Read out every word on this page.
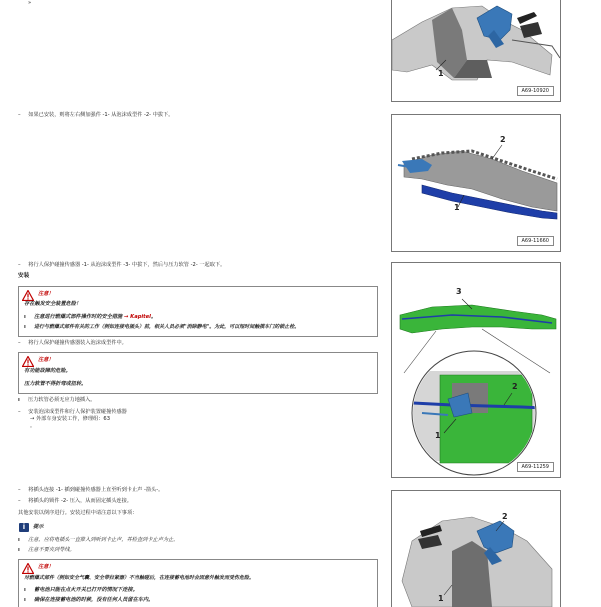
»
– 如果已安装，则将左右侧加强件 -1- 从泡沫成型件 -2- 中拔下。
– 将行人保护碰撞传感器 -1- 从泡沫成型件 -3- 中拔下，然后与压力软管 -2- 一起取下。
安装
注意！
存在触发安全装置危险！
ı 注意进行燃爆式部件操作时的安全措施 → Kapitel。
ı 进行与燃爆式部件有关的工作（例如连接电插头）前，相关人员必须"消除静电"。为此，可以短时间触摸车门的锁止栓。
– 将行人保护碰撞传感器装入泡沫成型件中。
注意！
有功能故障的危险。
压力软管不得折弯或扭转。
ı 压力软管必须无应力地插入。
– 安装泡沫成型件和行人保护装置碰撞传感器
→ 外部车身安装工作，修理组：63
。
– 将插头连接 -1- 插到碰撞传感器上直至听到卡止声 -箭头-。
– 将插头的锁件 -2- 压入，从而固定插头连接。
其他安装以倒序进行。安装过程中请注意以下事项：
i	提示
ı 注意，应将电插头一直推入到听到卡止声，并检查到卡止声为止。
ı 注意不要夹到导线。
注意！
对燃爆式部件（例如安全气囊、安全带拉紧器）不当触碰后，在连接蓄电池时会因意外触发而受伤危险。
ı 蓄电池只能在点火开关已打开的情况下连接。
ı 确保在连接蓄电池的时候，没有任何人员留在车内。
1
A69-10920
2
1
A69-11660
3
2
1
A69-11259
2
1
